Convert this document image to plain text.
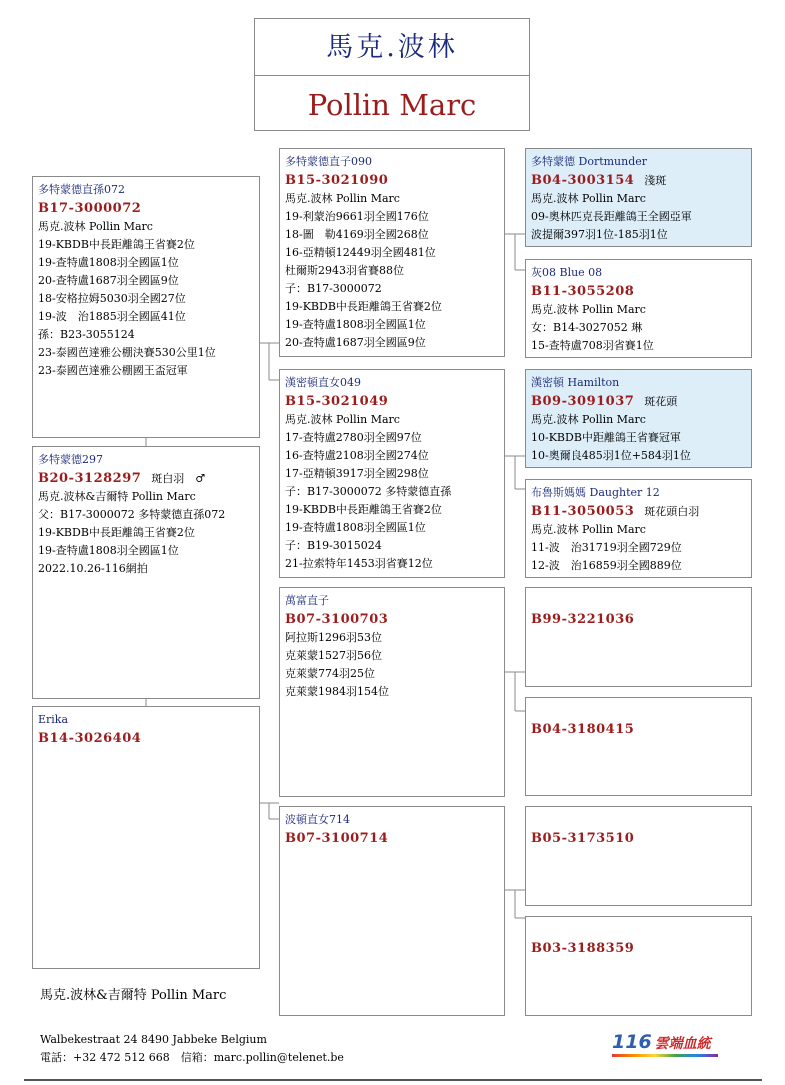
馬克.波林
Pollin Marc
多特蒙德直孫072
B17-3000072
馬克.波林 Pollin Marc
19-KBDB中長距離鴿王省賽2位
19-查特盧1808羽全國區1位
20-查特盧1687羽全國區9位
18-安格拉姆5030羽全國27位
19-波　治1885羽全國區41位
孫：B23-3055124
23-泰國芭達雅公棚決賽530公里1位
23-泰國芭達雅公棚國王盃冠軍
多特蒙德297
B20-3128297 斑白羽　♂
馬克.波林&吉爾特 Pollin Marc
父：B17-3000072 多特蒙德直孫072
19-KBDB中長距離鴿王省賽2位
19-查特盧1808羽全國區1位
2022.10.26-116網拍
Erika
B14-3026404
多特蒙德直子090
B15-3021090
馬克.波林 Pollin Marc
19-利蒙治9661羽全國176位
18-圖　勒4169羽全國268位
16-亞精頓12449羽全國481位
杜爾斯2943羽省賽88位
子：B17-3000072
19-KBDB中長距離鴿王省賽2位
19-查特盧1808羽全國區1位
20-查特盧1687羽全國區9位
漢密頓直女049
B15-3021049
馬克.波林 Pollin Marc
17-查特盧2780羽全國97位
16-查特盧2108羽全國274位
17-亞精頓3917羽全國298位
子：B17-3000072 多特蒙德直孫
19-KBDB中長距離鴿王省賽2位
19-查特盧1808羽全國區1位
子：B19-3015024
21-拉索特年1453羽省賽12位
萬富直子
B07-3100703
阿拉斯1296羽53位
克萊蒙1527羽56位
克萊蒙774羽25位
克萊蒙1984羽154位
波頓直女714
B07-3100714
多特蒙德 Dortmunder
B04-3003154 淺斑
馬克.波林 Pollin Marc
09-奧林匹克長距離鴿王全國亞軍
波提爾397羽1位-185羽1位
灰08 Blue 08
B11-3055208
馬克.波林 Pollin Marc
女：B14-3027052 琳
15-查特盧708羽省賽1位
漢密頓 Hamilton
B09-3091037 斑花頭
馬克.波林 Pollin Marc
10-KBDB中距離鴿王省賽冠軍
10-奧爾良485羽1位+584羽1位
布魯斯媽媽 Daughter 12
B11-3050053 斑花頭白羽
馬克.波林 Pollin Marc
11-波　治31719羽全國729位
12-波　治16859羽全國889位
B99-3221036
B04-3180415
B05-3173510
B03-3188359
馬克.波林&吉爾特 Pollin Marc
Walbekestraat 24 8490 Jabbeke Belgium
電話：+32 472 512 668　信箱：marc.pollin@telenet.be
116 雲端血統
